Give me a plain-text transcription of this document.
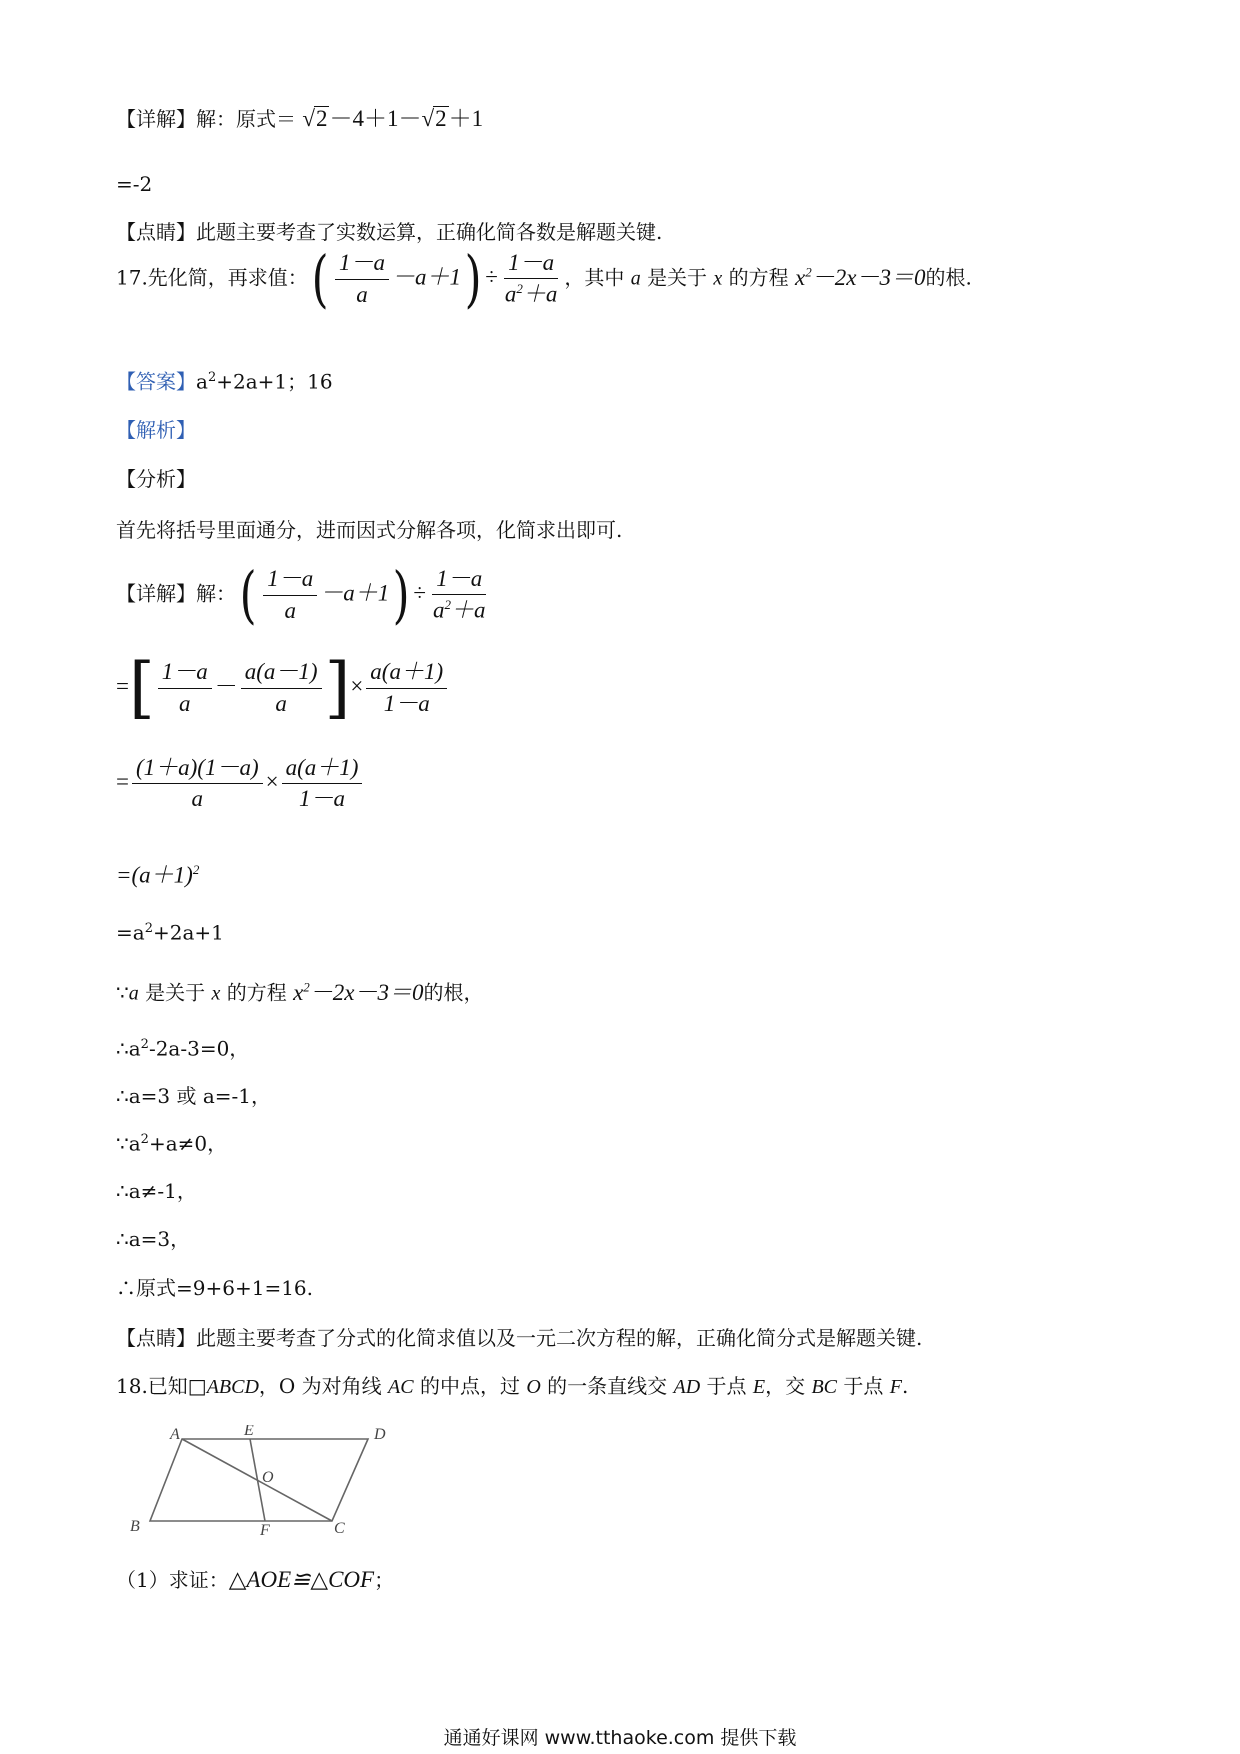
【详解】解：原式＝ √2－4＋1－√2＋1
=-2
【点睛】此题主要考查了实数运算，正确化简各数是解题关键.
17.先化简，再求值：( $\frac{1-a}{a} -a+1) \div \frac{1-a}{a^2+a}$ ，其中 a 是关于 x 的方程 $x^2-2x-3=0$的根.
【答案】$a^2+2a+1$；16
【解析】
【分析】
首先将括号里面通分，进而因式分解各项，化简求出即可.
【详解】解：( $\frac{1-a}{a} -a+1) \div \frac{1-a}{a^2+a}$
=[ $\frac{1-a}{a} - \frac{a(a-1)}{a}$ ]× $\frac{a(a+1)}{1-a}$
= $\frac{(1+a)(1-a)}{a} \times \frac{a(a+1)}{1-a}$
$=(a+1)^2$
$=a^2+2a+1$
∵a 是关于 x 的方程 $x^2-2x-3=0$的根，
$\therefore a^2-2a-3=0$，
∴a=3 或 a=-1，
$\because a^2+a\ne 0$，
∴a≠-1，
∴a=3，
∴原式=9+6+1=16.
【点睛】此题主要考查了分式的化简求值以及一元二次方程的解，正确化简分式是解题关键.
18.已知□ABCD，O 为对角线 AC 的中点，过 O 的一条直线交 AD 于点 E，交 BC 于点 F.
A	D
B	C
E
F
O
（1）求证：△AOE≌△COF；
通通好课网 www.tthaoke.com 提供下载
